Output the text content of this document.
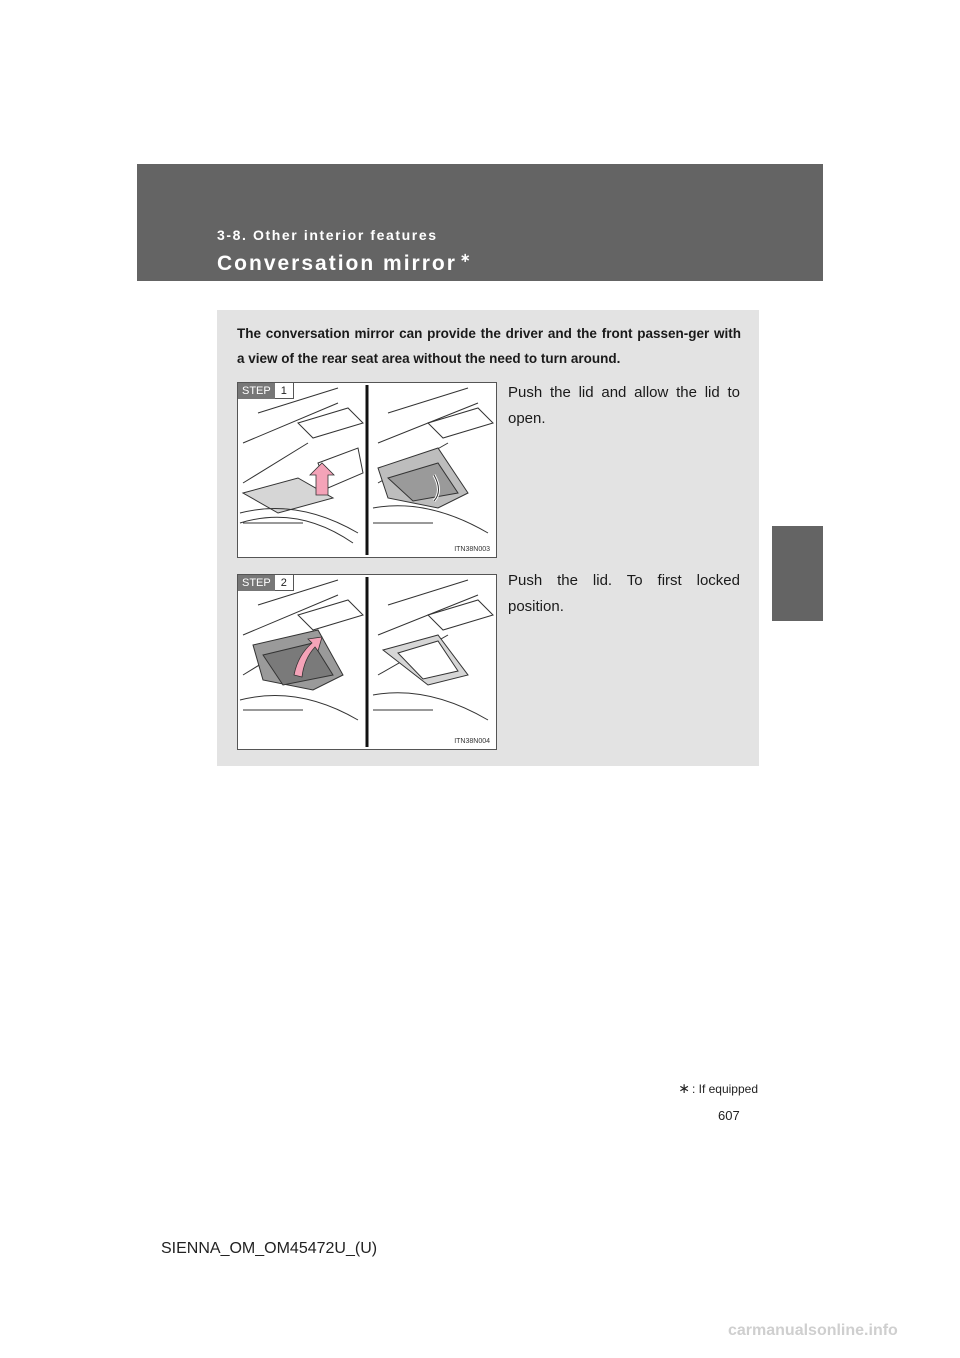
3-8. Other interior features
Conversation mirror ∗
3
Interior features
The conversation mirror can provide the driver and the front passen-ger with a view of the rear seat area without the need to turn around.
STEP 1
ITN38N003
Push the lid and allow the lid to open.
STEP 2
ITN38N004
Push the lid. To first locked position.
∗ : If equipped
607
SIENNA_OM_OM45472U_(U)
carmanualsonline.info
